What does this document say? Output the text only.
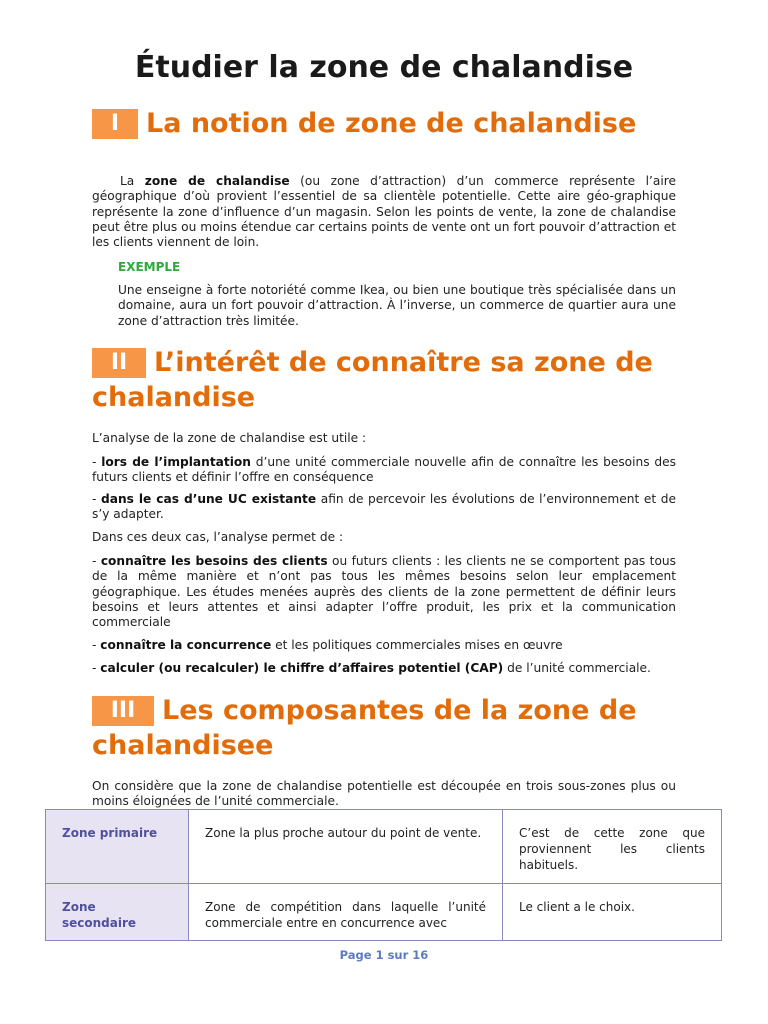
Étudier la zone de chalandise
I La notion de zone de chalandise

La zone de chalandise (ou zone d’attraction) d’un commerce représente l’aire géographique d’où provient l’essentiel de sa clientèle potentielle. Cette aire géo-graphique représente la zone d’influence d’un magasin. Selon les points de vente, la zone de chalandise peut être plus ou moins étendue car certains points de vente ont un fort pouvoir d’attraction et les clients viennent de loin.

EXEMPLE

Une enseigne à forte notoriété comme Ikea, ou bien une boutique très spécialisée dans un domaine, aura un fort pouvoir d’attraction. À l’inverse, un commerce de quartier aura une zone d’attraction très limitée.

II L’intérêt de connaître sa zone de chalandise

L’analyse de la zone de chalandise est utile :

- lors de l’implantation d’une unité commerciale nouvelle afin de connaître les besoins des futurs clients et définir l’offre en conséquence

- dans le cas d’une UC existante afin de percevoir les évolutions de l’environnement et de s’y adapter.

Dans ces deux cas, l’analyse permet de :

- connaître les besoins des clients ou futurs clients : les clients ne se comportent pas tous de la même manière et n’ont pas tous les mêmes besoins selon leur emplacement géographique. Les études menées auprès des clients de la zone permettent de définir leurs besoins et leurs attentes et ainsi adapter l’offre produit, les prix et la communication commerciale

- connaître la concurrence et les politiques commerciales mises en œuvre

- calculer (ou recalculer) le chiffre d’affaires potentiel (CAP) de l’unité commerciale.

III Les composantes de la zone de chalandisee

On considère que la zone de chalandise potentielle est découpée en trois sous-zones plus ou moins éloignées de l’unité commerciale.

Zone primaire	Zone la plus proche autour du point de vente.	C’est de cette zone que proviennent les clients habituels.
Zone secondaire	Zone de compétition dans laquelle l’unité commerciale entre en concurrence avec	Le client a le choix.

Page 1 sur 16
